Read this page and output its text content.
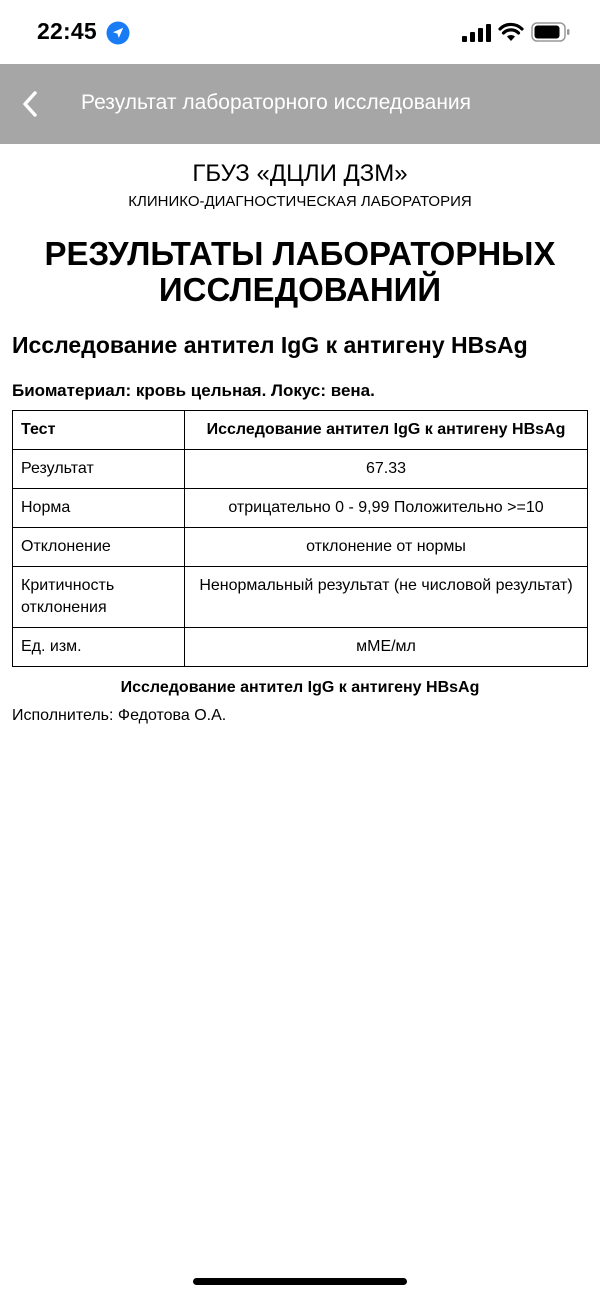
22:45
Результат лабораторного исследования
ГБУЗ «ДЦЛИ ДЗМ»
КЛИНИКО-ДИАГНОСТИЧЕСКАЯ ЛАБОРАТОРИЯ
РЕЗУЛЬТАТЫ ЛАБОРАТОРНЫХ ИССЛЕДОВАНИЙ
Исследование антител IgG к антигену HBsAg
Биоматериал: кровь цельная. Локус: вена.
Тест	Исследование антител IgG к антигену HBsAg
Результат	67.33
Норма	отрицательно 0 - 9,99 Положительно >=10
Отклонение	отклонение от нормы
Критичность отклонения	Ненормальный результат (не числовой результат)
Ед. изм.	мМЕ/мл
Исследование антител IgG к антигену HBsAg
Исполнитель: Федотова О.А.
